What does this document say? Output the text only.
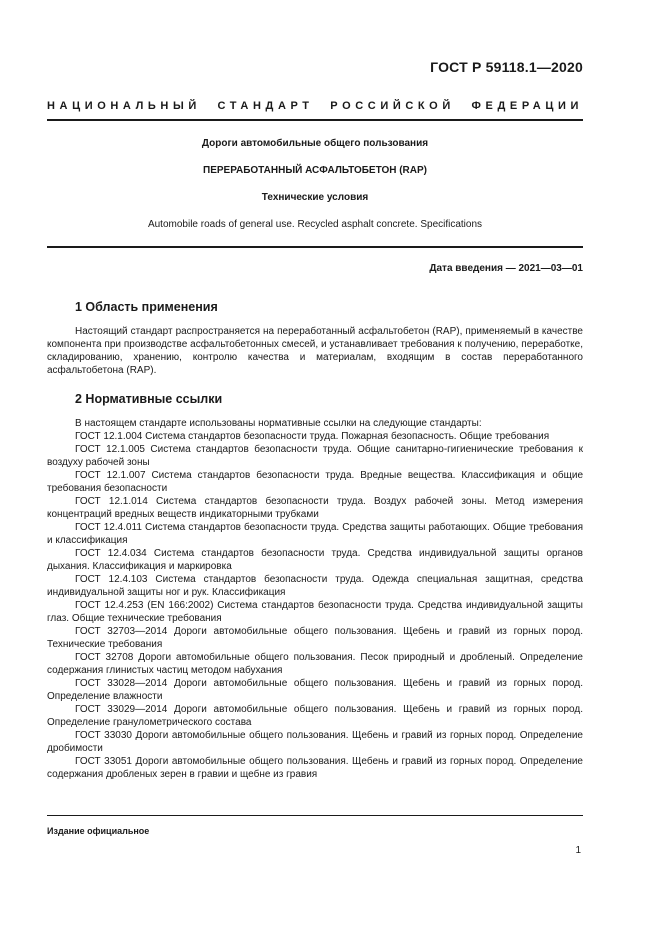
ГОСТ Р 59118.1—2020
НАЦИОНАЛЬНЫЙ СТАНДАРТ РОССИЙСКОЙ ФЕДЕРАЦИИ
Дороги автомобильные общего пользования
ПЕРЕРАБОТАННЫЙ АСФАЛЬТОБЕТОН (RAP)
Технические условия
Automobile roads of general use. Recycled asphalt concrete. Specifications
Дата введения — 2021—03—01
1 Область применения

Настоящий стандарт распространяется на переработанный асфальтобетон (RAP), применяемый в качестве компонента при производстве асфальтобетонных смесей, и устанавливает требования к получению, переработке, складированию, хранению, контролю качества и материалам, входящим в состав переработанного асфальтобетона (RAP).

2 Нормативные ссылки

В настоящем стандарте использованы нормативные ссылки на следующие стандарты:

ГОСТ 12.1.004 Система стандартов безопасности труда. Пожарная безопасность. Общие требования

ГОСТ 12.1.005 Система стандартов безопасности труда. Общие санитарно-гигиенические требования к воздуху рабочей зоны

ГОСТ 12.1.007 Система стандартов безопасности труда. Вредные вещества. Классификация и общие требования безопасности

ГОСТ 12.1.014 Система стандартов безопасности труда. Воздух рабочей зоны. Метод измерения концентраций вредных веществ индикаторными трубками

ГОСТ 12.4.011 Система стандартов безопасности труда. Средства защиты работающих. Общие требования и классификация

ГОСТ 12.4.034 Система стандартов безопасности труда. Средства индивидуальной защиты органов дыхания. Классификация и маркировка

ГОСТ 12.4.103 Система стандартов безопасности труда. Одежда специальная защитная, средства индивидуальной защиты ног и рук. Классификация

ГОСТ 12.4.253 (EN 166:2002) Система стандартов безопасности труда. Средства индивидуальной защиты глаз. Общие технические требования

ГОСТ 32703—2014 Дороги автомобильные общего пользования. Щебень и гравий из горных пород. Технические требования

ГОСТ 32708 Дороги автомобильные общего пользования. Песок природный и дробленый. Определение содержания глинистых частиц методом набухания

ГОСТ 33028—2014 Дороги автомобильные общего пользования. Щебень и гравий из горных пород. Определение влажности

ГОСТ 33029—2014 Дороги автомобильные общего пользования. Щебень и гравий из горных пород. Определение гранулометрического состава

ГОСТ 33030 Дороги автомобильные общего пользования. Щебень и гравий из горных пород. Определение дробимости

ГОСТ 33051 Дороги автомобильные общего пользования. Щебень и гравий из горных пород. Определение содержания дробленых зерен в гравии и щебне из гравия

Издание официальное
1
